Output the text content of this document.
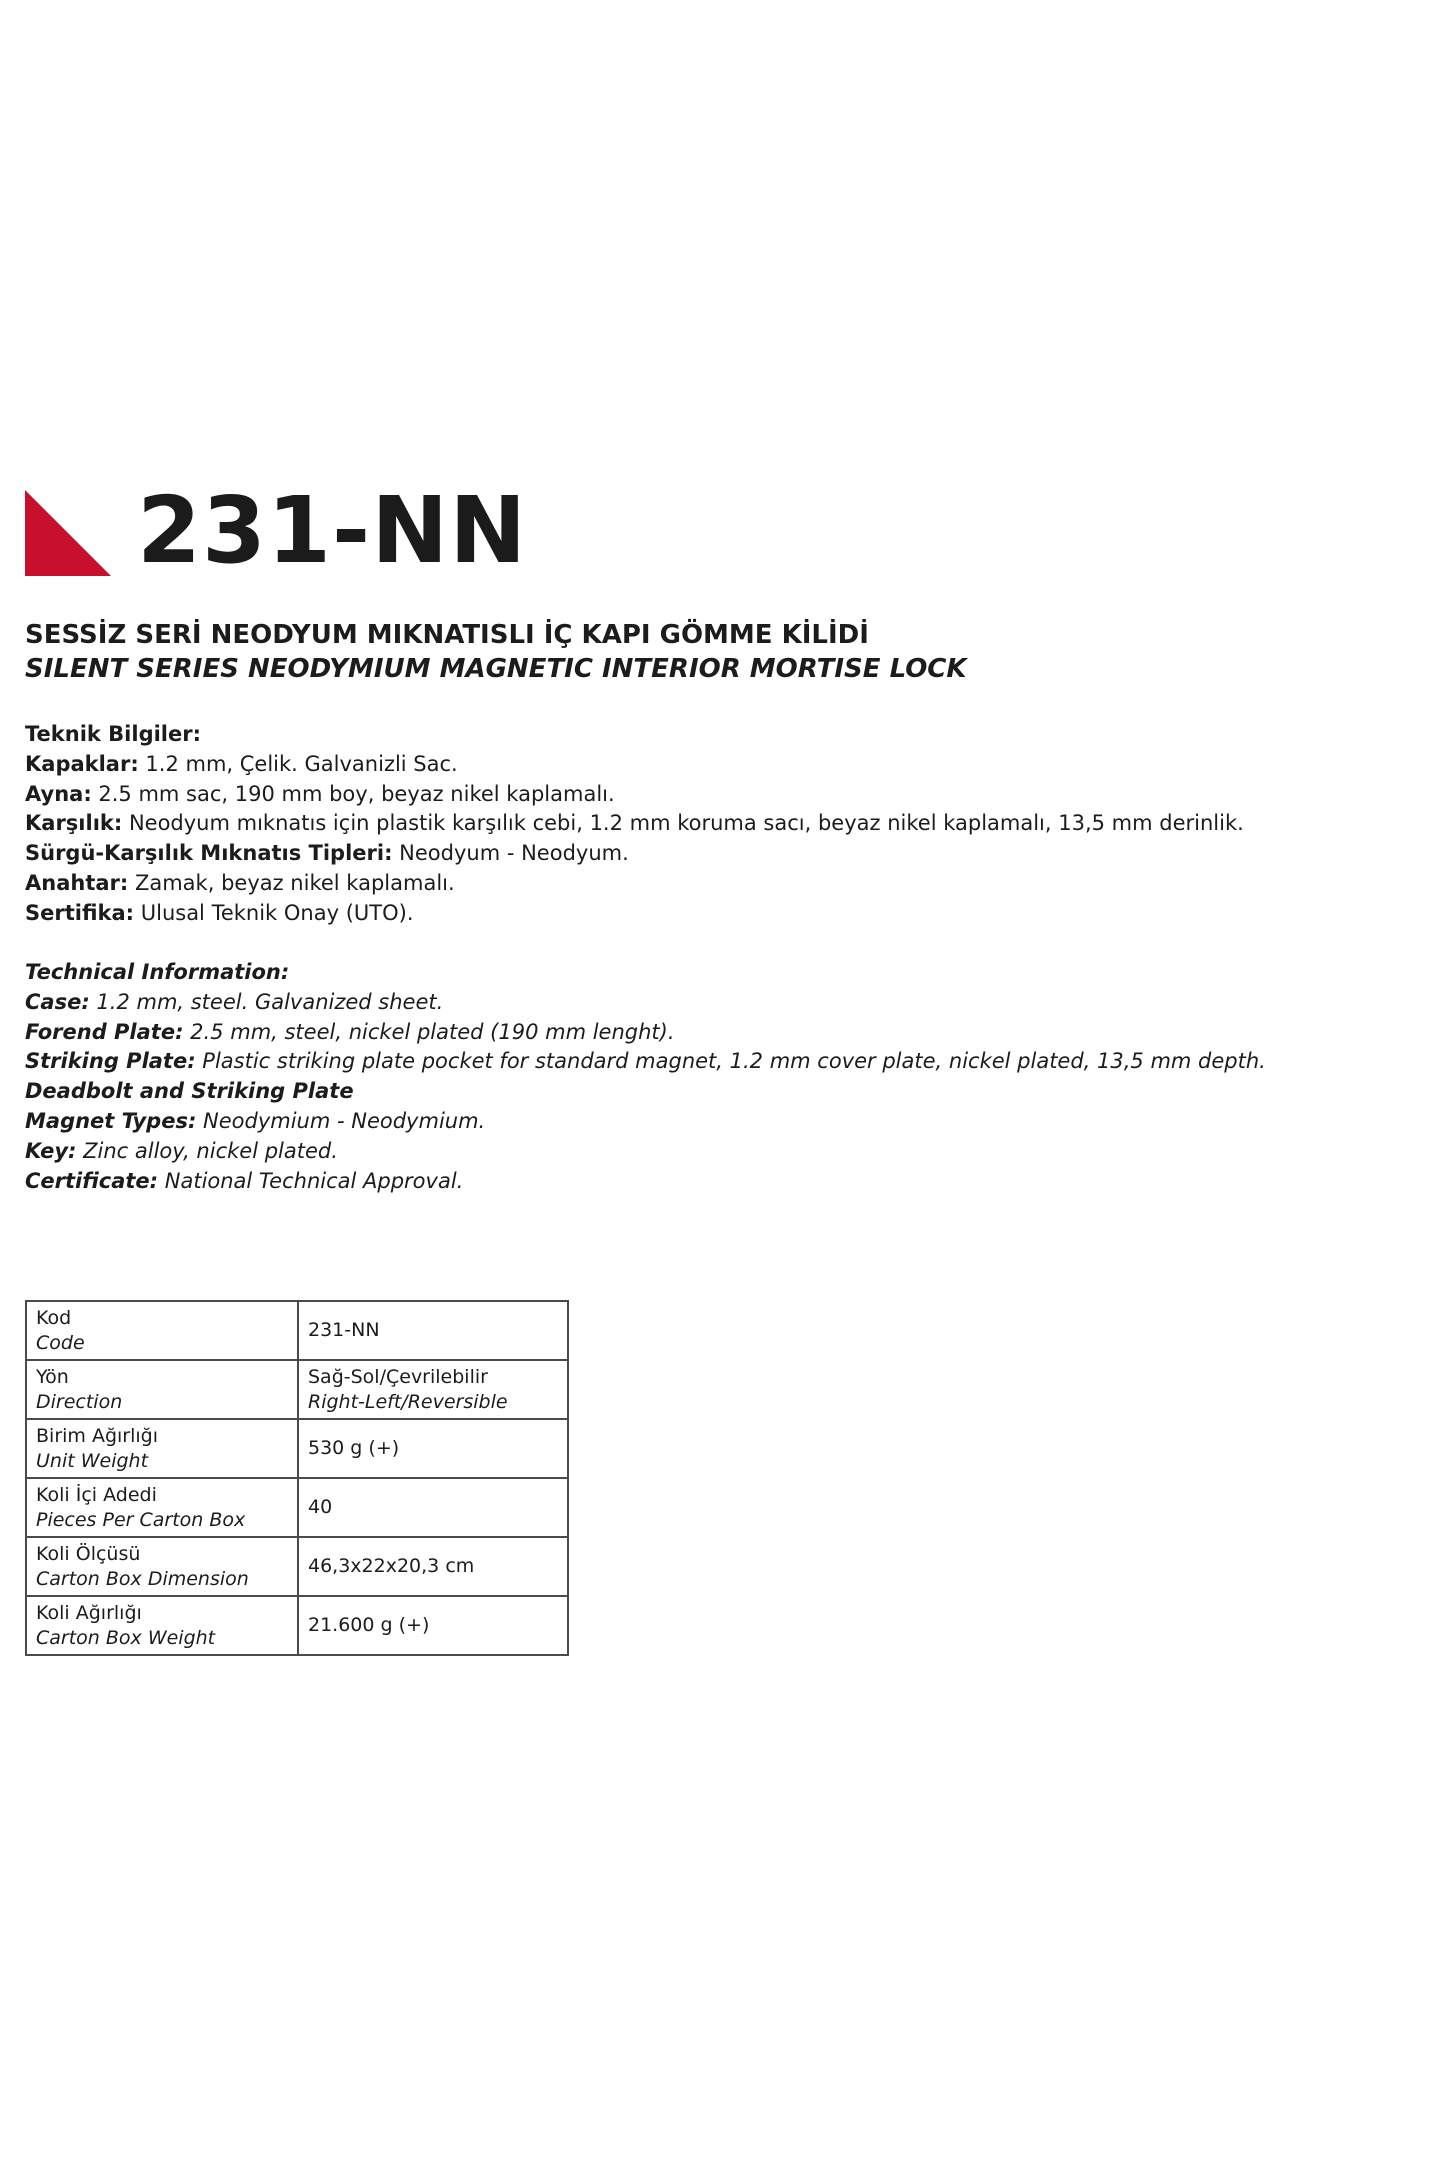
231-NN
SESSİZ SERİ NEODYUM MIKNATISLI İÇ KAPI GÖMME KİLİDİ
SILENT SERIES NEODYMIUM MAGNETIC INTERIOR MORTISE LOCK
Teknik Bilgiler:
Kapaklar: 1.2 mm, Çelik. Galvanizli Sac.
Ayna: 2.5 mm sac, 190 mm boy, beyaz nikel kaplamalı.
Karşılık: Neodyum mıknatıs için plastik karşılık cebi, 1.2 mm koruma sacı, beyaz nikel kaplamalı, 13,5 mm derinlik.
Sürgü-Karşılık Mıknatıs Tipleri: Neodyum - Neodyum.
Anahtar: Zamak, beyaz nikel kaplamalı.
Sertifika: Ulusal Teknik Onay (UTO).
Technical Information:
Case: 1.2 mm, steel. Galvanized sheet.
Forend Plate: 2.5 mm, steel, nickel plated (190 mm lenght).
Striking Plate: Plastic striking plate pocket for standard magnet, 1.2 mm cover plate, nickel plated, 13,5 mm depth.
Deadbolt and Striking Plate
Magnet Types: Neodymium - Neodymium.
Key: Zinc alloy, nickel plated.
Certificate: National Technical Approval.
Kod
Code	231-NN

Yön
Direction	Sağ-Sol/Çevrilebilir
Right-Left/Reversible

Birim Ağırlığı
Unit Weight	530 g (+)

Koli İçi Adedi
Pieces Per Carton Box	40

Koli Ölçüsü
Carton Box Dimension	46,3x22x20,3 cm

Koli Ağırlığı
Carton Box Weight	21.600 g (+)
